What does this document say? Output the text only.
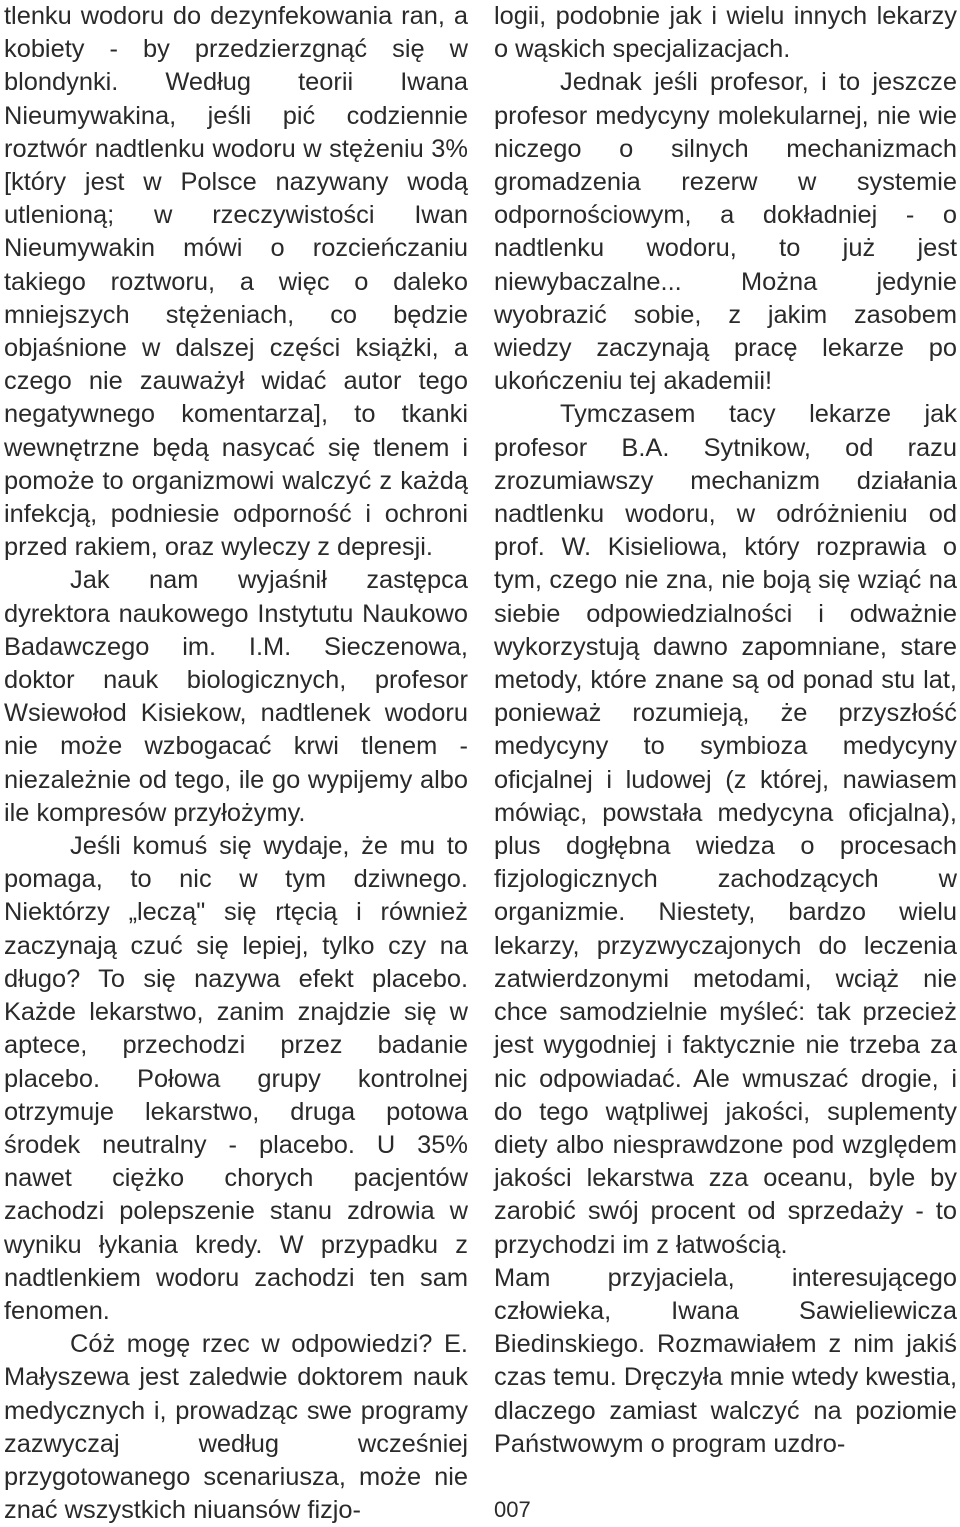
tlenku wodoru do dezynfekowania ran, a kobiety - by przedzierzgnąć się w blondynki. Według teorii Iwana Nieumywakina, jeśli pić codziennie roztwór nadtlenku wodoru w stężeniu 3% [który jest w Polsce nazywany wodą utlenioną; w rzeczywistości Iwan Nieumywakin mówi o rozcieńczaniu takiego roztworu, a więc o daleko mniejszych stężeniach, co będzie objaśnione w dalszej części książki, a czego nie zauważył widać autor tego negatywnego komentarza], to tkanki wewnętrzne będą nasycać się tlenem i pomoże to organizmowi walczyć z każdą infekcją, podniesie odporność i ochroni przed rakiem, oraz wyleczy z depresji.

Jak nam wyjaśnił zastępca dyrektora naukowego Instytutu Naukowo Badawczego im. I.M. Sieczenowa, doktor nauk biologicznych, profesor Wsiewołod Kisiekow, nadtlenek wodoru nie może wzbogacać krwi tlenem - niezależnie od tego, ile go wypijemy albo ile kompresów przyłożymy.

Jeśli komuś się wydaje, że mu to pomaga, to nic w tym dziwnego. Niektórzy „leczą" się rtęcią i również zaczynają czuć się lepiej, tylko czy na długo? To się nazywa efekt placebo. Każde lekarstwo, zanim znajdzie się w aptece, przechodzi przez badanie placebo. Połowa grupy kontrolnej otrzymuje lekarstwo, druga potowa środek neutralny - placebo. U 35% nawet ciężko chorych pacjentów zachodzi polepszenie stanu zdrowia w wyniku łykania kredy. W przypadku z nadtlenkiem wodoru zachodzi ten sam fenomen.

Cóż mogę rzec w odpowiedzi? E. Małyszewa jest zaledwie doktorem nauk medycznych i, prowadząc swe programy zazwyczaj według wcześniej przygotowanego scenariusza, może nie znać wszystkich niuansów fizjo-

logii, podobnie jak i wielu innych lekarzy o wąskich specjalizacjach.

Jednak jeśli profesor, i to jeszcze profesor medycyny molekularnej, nie wie niczego o silnych mechanizmach gromadzenia rezerw w systemie odpornościowym, a dokładniej - o nadtlenku wodoru, to już jest niewybaczalne... Można jedynie wyobrazić sobie, z jakim zasobem wiedzy zaczynają pracę lekarze po ukończeniu tej akademii!

Tymczasem tacy lekarze jak profesor B.A. Sytnikow, od razu zrozumiawszy mechanizm działania nadtlenku wodoru, w odróżnieniu od prof. W. Kisieliowa, który rozprawia o tym, czego nie zna, nie boją się wziąć na siebie odpowiedzialności i odważnie wykorzystują dawno zapomniane, stare metody, które znane są od ponad stu lat, ponieważ rozumieją, że przyszłość medycyny to symbioza medycyny oficjalnej i ludowej (z której, nawiasem mówiąc, powstała medycyna oficjalna), plus dogłębna wiedza o procesach fizjologicznych zachodzących w organizmie. Niestety, bardzo wielu lekarzy, przyzwyczajonych do leczenia zatwierdzonymi metodami, wciąż nie chce samodzielnie myśleć: tak przecież jest wygodniej i faktycznie nie trzeba za nic odpowiadać. Ale wmuszać drogie, i do tego wątpliwej jakości, suplementy diety albo niesprawdzone pod względem jakości lekarstwa zza oceanu, byle by zarobić swój procent od sprzedaży - to przychodzi im z łatwością.

Mam przyjaciela, interesującego człowieka, Iwana Sawieliewicza Biedinskiego. Rozmawiałem z nim jakiś czas temu. Dręczyła mnie wtedy kwestia, dlaczego zamiast walczyć na poziomie Państwowym o program uzdro-

007
